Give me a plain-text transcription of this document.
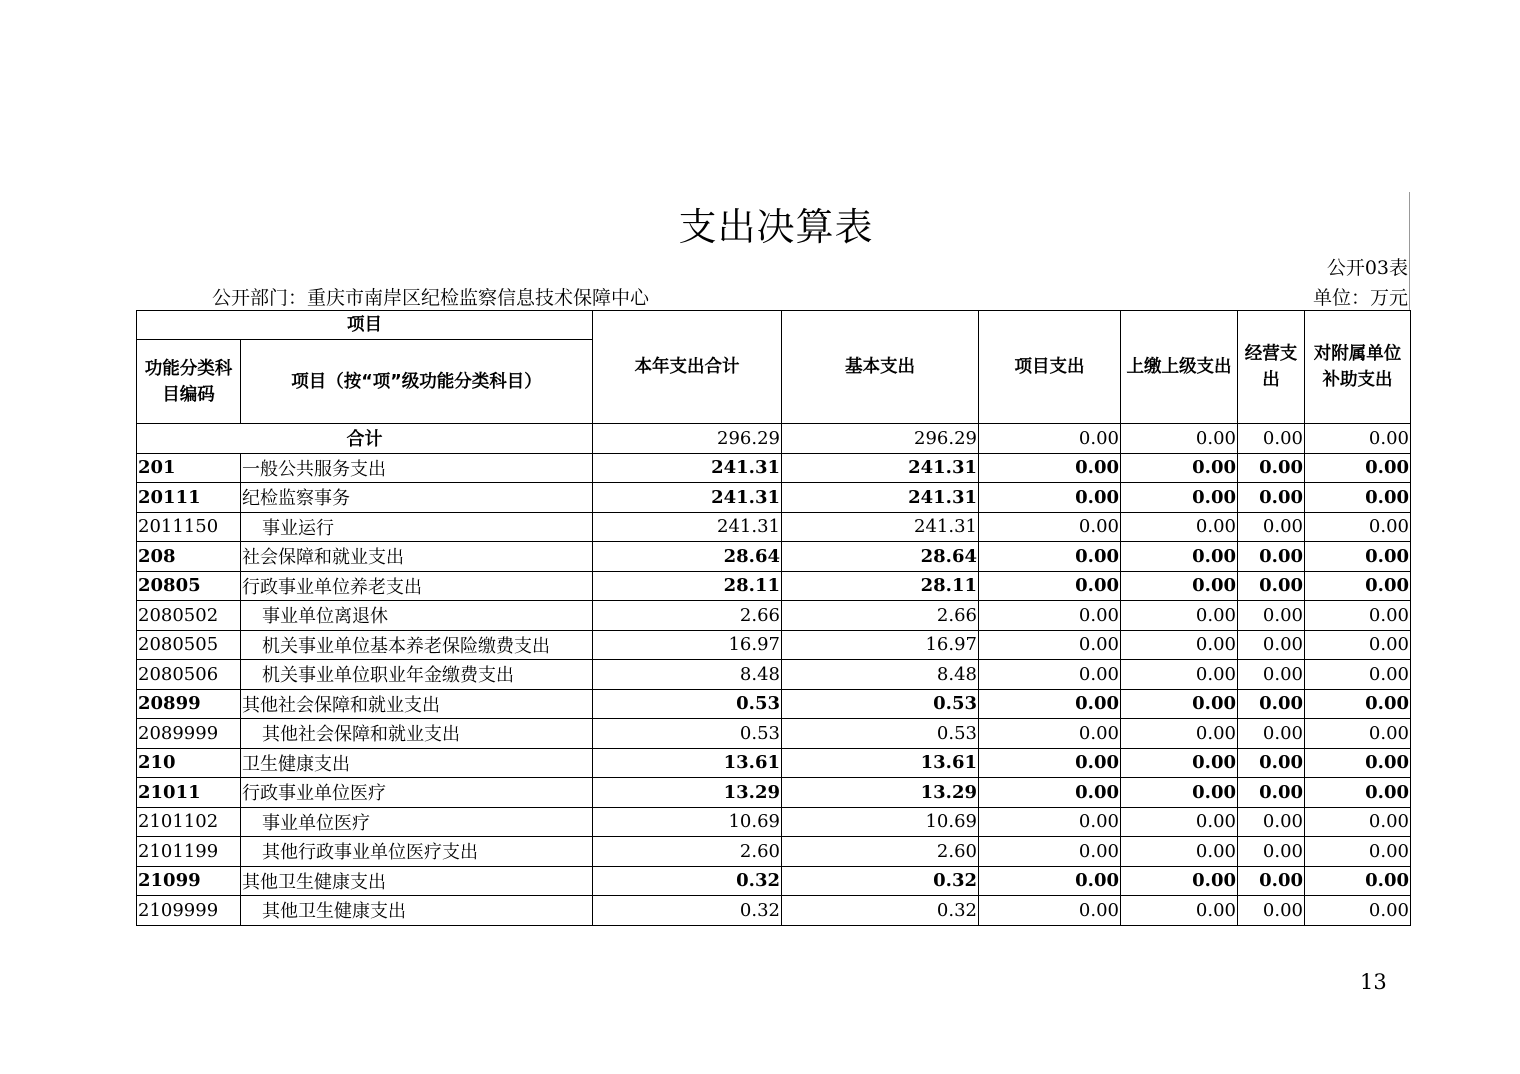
支出决算表
公开03表
公开部门：重庆市南岸区纪检监察信息技术保障中心	单位：万元
项目		本年支出合计	基本支出	项目支出	上缴上级支出	经营支出	对附属单位补助支出
功能分类科目编码	项目（按“项”级功能分类科目）						
合计		296.29	296.29	0.00	0.00	0.00	0.00
201	一般公共服务支出	241.31	241.31	0.00	0.00	0.00	0.00
20111	纪检监察事务	241.31	241.31	0.00	0.00	0.00	0.00
2011150	事业运行	241.31	241.31	0.00	0.00	0.00	0.00
208	社会保障和就业支出	28.64	28.64	0.00	0.00	0.00	0.00
20805	行政事业单位养老支出	28.11	28.11	0.00	0.00	0.00	0.00
2080502	事业单位离退休	2.66	2.66	0.00	0.00	0.00	0.00
2080505	机关事业单位基本养老保险缴费支出	16.97	16.97	0.00	0.00	0.00	0.00
2080506	机关事业单位职业年金缴费支出	8.48	8.48	0.00	0.00	0.00	0.00
20899	其他社会保障和就业支出	0.53	0.53	0.00	0.00	0.00	0.00
2089999	其他社会保障和就业支出	0.53	0.53	0.00	0.00	0.00	0.00
210	卫生健康支出	13.61	13.61	0.00	0.00	0.00	0.00
21011	行政事业单位医疗	13.29	13.29	0.00	0.00	0.00	0.00
2101102	事业单位医疗	10.69	10.69	0.00	0.00	0.00	0.00
2101199	其他行政事业单位医疗支出	2.60	2.60	0.00	0.00	0.00	0.00
21099	其他卫生健康支出	0.32	0.32	0.00	0.00	0.00	0.00
2109999	其他卫生健康支出	0.32	0.32	0.00	0.00	0.00	0.00
13
